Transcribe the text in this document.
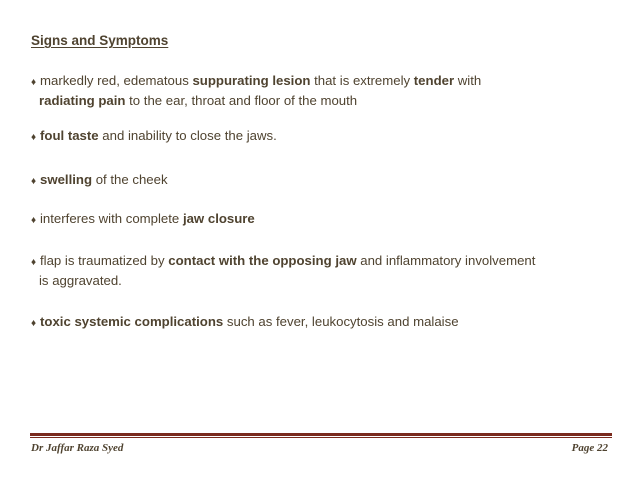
Signs and Symptoms
♦ markedly red, edematous suppurating lesion that is extremely tender with
radiating pain to the ear, throat and floor of the mouth
♦ foul taste and inability to close the jaws.
♦ swelling of the cheek
♦ interferes with complete jaw closure
♦ flap is traumatized by contact with the opposing jaw and inflammatory involvement
is aggravated.
♦ toxic systemic complications such as fever, leukocytosis and malaise
Dr Jaffar Raza Syed	Page 22
